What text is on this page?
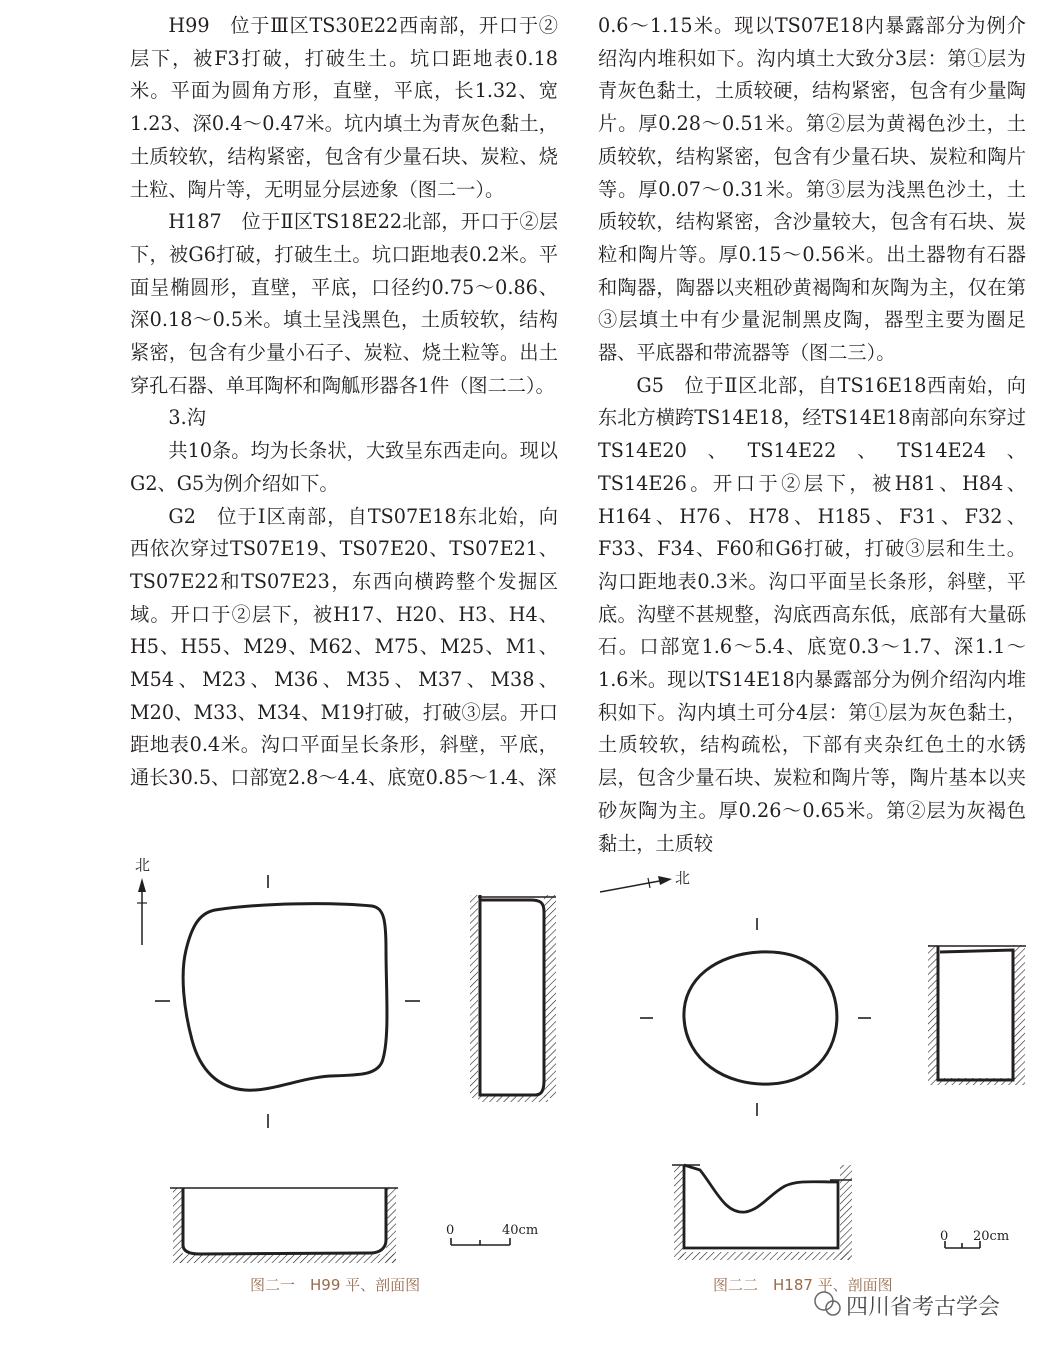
H99　位于Ⅲ区TS30E22西南部，开口于②层下，被F3打破，打破生土。坑口距地表0.18米。平面为圆角方形，直壁，平底，长1.32、宽1.23、深0.4～0.47米。坑内填土为青灰色黏土，土质较软，结构紧密，包含有少量石块、炭粒、烧土粒、陶片等，无明显分层迹象（图二一）。

H187　位于Ⅱ区TS18E22北部，开口于②层下，被G6打破，打破生土。坑口距地表0.2米。平面呈椭圆形，直壁，平底，口径约0.75～0.86、深0.18～0.5米。填土呈浅黑色，土质较软，结构紧密，包含有少量小石子、炭粒、烧土粒等。出土穿孔石器、单耳陶杯和陶觚形器各1件（图二二）。

3.沟

共10条。均为长条状，大致呈东西走向。现以G2、G5为例介绍如下。

G2　位于Ⅰ区南部，自TS07E18东北始，向西依次穿过TS07E19、TS07E20、TS07E21、TS07E22和TS07E23，东西向横跨整个发掘区域。开口于②层下，被H17、H20、H3、H4、H5、H55、M29、M62、M75、M25、M1、M54、M23、M36、M35、M37、M38、M20、M33、M34、M19打破，打破③层。开口距地表0.4米。沟口平面呈长条形，斜壁，平底，通长30.5、口部宽2.8～4.4、底宽0.85～1.4、深

0.6～1.15米。现以TS07E18内暴露部分为例介绍沟内堆积如下。沟内填土大致分3层：第①层为青灰色黏土，土质较硬，结构紧密，包含有少量陶片。厚0.28～0.51米。第②层为黄褐色沙土，土质较软，结构紧密，包含有少量石块、炭粒和陶片等。厚0.07～0.31米。第③层为浅黑色沙土，土质较软，结构紧密，含沙量较大，包含有石块、炭粒和陶片等。厚0.15～0.56米。出土器物有石器和陶器，陶器以夹粗砂黄褐陶和灰陶为主，仅在第③层填土中有少量泥制黑皮陶，器型主要为圈足器、平底器和带流器等（图二三）。

G5　位于Ⅱ区北部，自TS16E18西南始，向东北方横跨TS14E18，经TS14E18南部向东穿过TS14E20、TS14E22、TS14E24、TS14E26。开口于②层下，被H81、H84、H164、H76、H78、H185、F31、F32、F33、F34、F60和G6打破，打破③层和生土。沟口距地表0.3米。沟口平面呈长条形，斜壁，平底。沟壁不甚规整，沟底西高东低，底部有大量砾石。口部宽1.6～5.4、底宽0.3～1.7、深1.1～1.6米。现以TS14E18内暴露部分为例介绍沟内堆积如下。沟内填土可分4层：第①层为灰色黏土，土质较软，结构疏松，下部有夹杂红色土的水锈层，包含少量石块、炭粒和陶片等，陶片基本以夹砂灰陶为主。厚0.26～0.65米。第②层为灰褐色黏土，土质较

北
0	40cm
图二一　H99 平、剖面图
北
0 20cm
图二二　H187 平、剖面图
四川省考古学会
